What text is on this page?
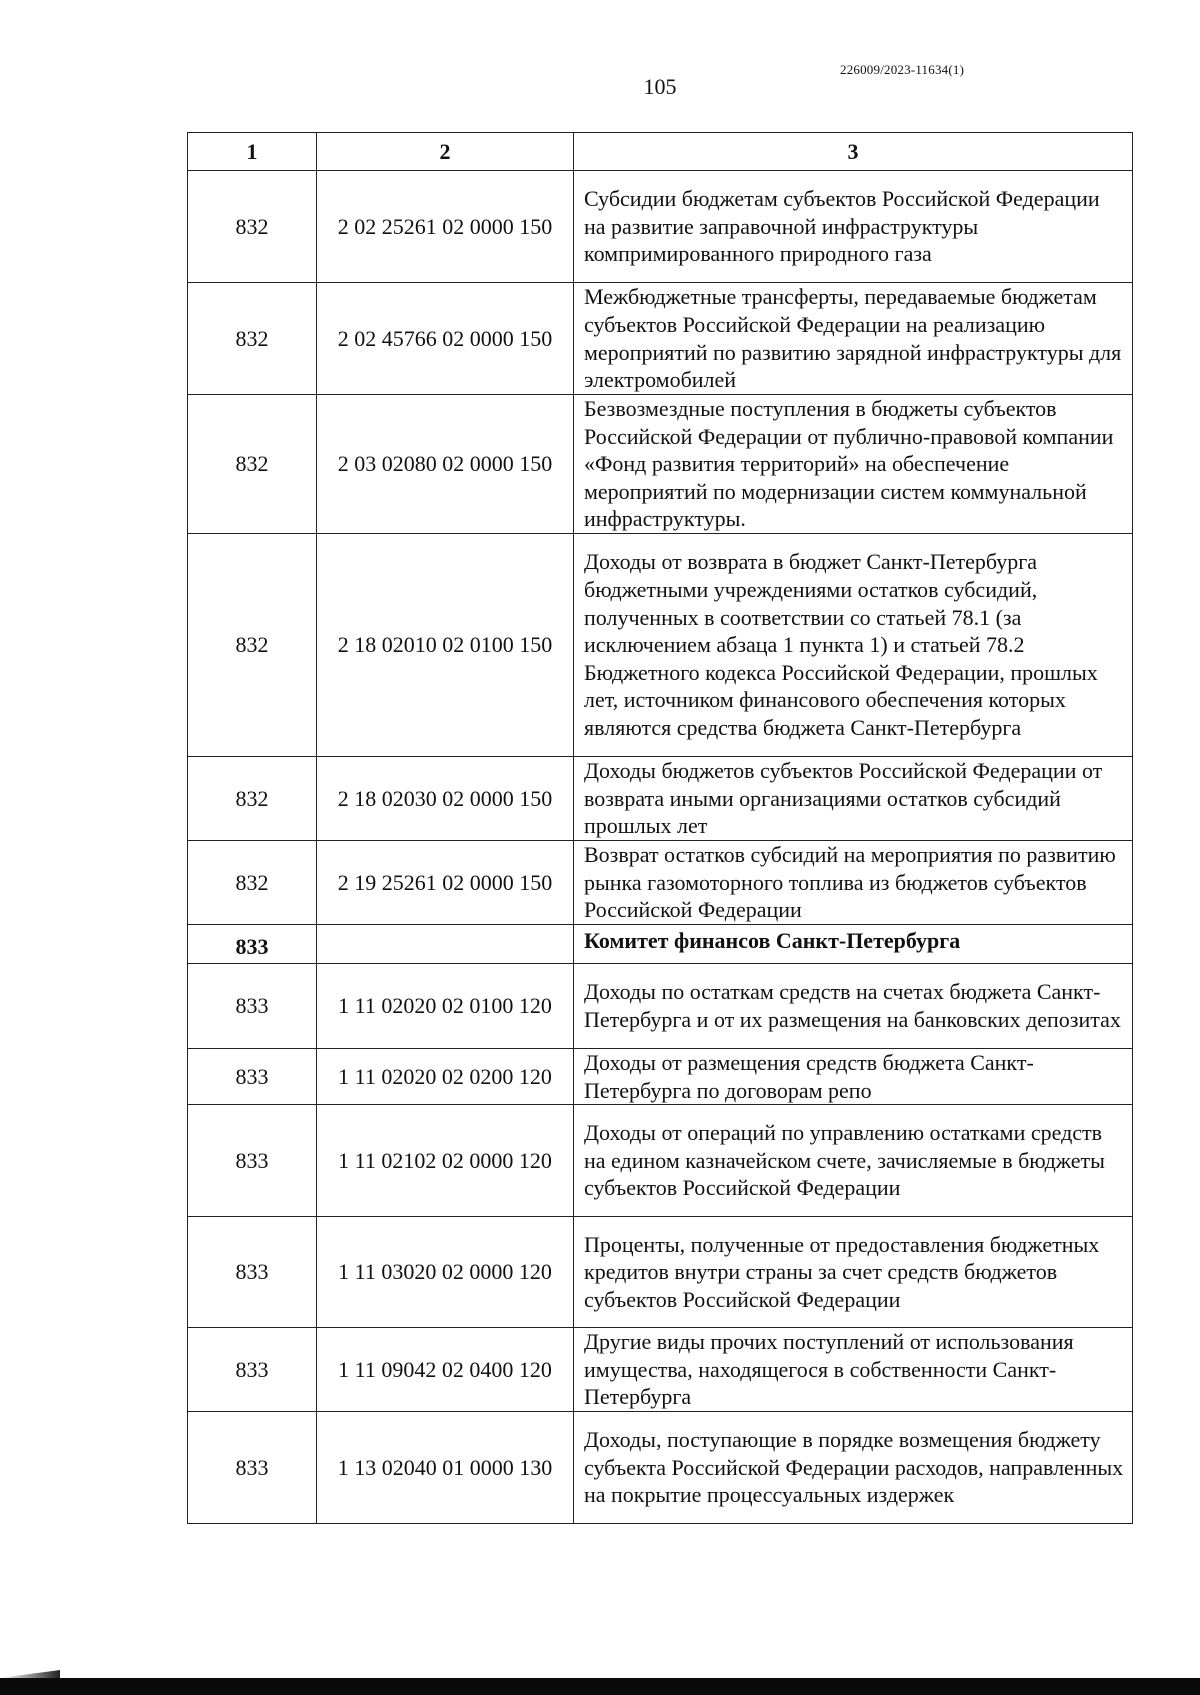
226009/2023-11634(1)
105
1	2	3
832	2 02 25261 02 0000 150	Субсидии бюджетам субъектов Российской Федерации на развитие заправочной инфраструктуры компримированного природного газа
832	2 02 45766 02 0000 150	Межбюджетные трансферты, передаваемые бюджетам субъектов Российской Федерации на реализацию мероприятий по развитию зарядной инфраструктуры для электромобилей
832	2 03 02080 02 0000 150	Безвозмездные поступления в бюджеты субъектов Российской Федерации от публично-правовой компании «Фонд развития территорий» на обеспечение мероприятий по модернизации систем коммунальной инфраструктуры.
832	2 18 02010 02 0100 150	Доходы от возврата в бюджет Санкт-Петербурга бюджетными учреждениями остатков субсидий, полученных в соответствии со статьей 78.1 (за исключением абзаца 1 пункта 1) и статьей 78.2 Бюджетного кодекса Российской Федерации, прошлых лет, источником финансового обеспечения которых являются средства бюджета Санкт-Петербурга
832	2 18 02030 02 0000 150	Доходы бюджетов субъектов Российской Федерации от возврата иными организациями остатков субсидий прошлых лет
832	2 19 25261 02 0000 150	Возврат остатков субсидий на мероприятия по развитию рынка газомоторного топлива из бюджетов субъектов Российской Федерации
833		Комитет финансов Санкт-Петербурга
833	1 11 02020 02 0100 120	Доходы по остаткам средств на счетах бюджета Санкт-Петербурга и от их размещения на банковских депозитах
833	1 11 02020 02 0200 120	Доходы от размещения средств бюджета Санкт-Петербурга по договорам репо
833	1 11 02102 02 0000 120	Доходы от операций по управлению остатками средств на едином казначейском счете, зачисляемые в бюджеты субъектов Российской Федерации
833	1 11 03020 02 0000 120	Проценты, полученные от предоставления бюджетных кредитов внутри страны за счет средств бюджетов субъектов Российской Федерации
833	1 11 09042 02 0400 120	Другие виды прочих поступлений от использования имущества, находящегося в собственности Санкт-Петербурга
833	1 13 02040 01 0000 130	Доходы, поступающие в порядке возмещения бюджету субъекта Российской Федерации расходов, направленных на покрытие процессуальных издержек
